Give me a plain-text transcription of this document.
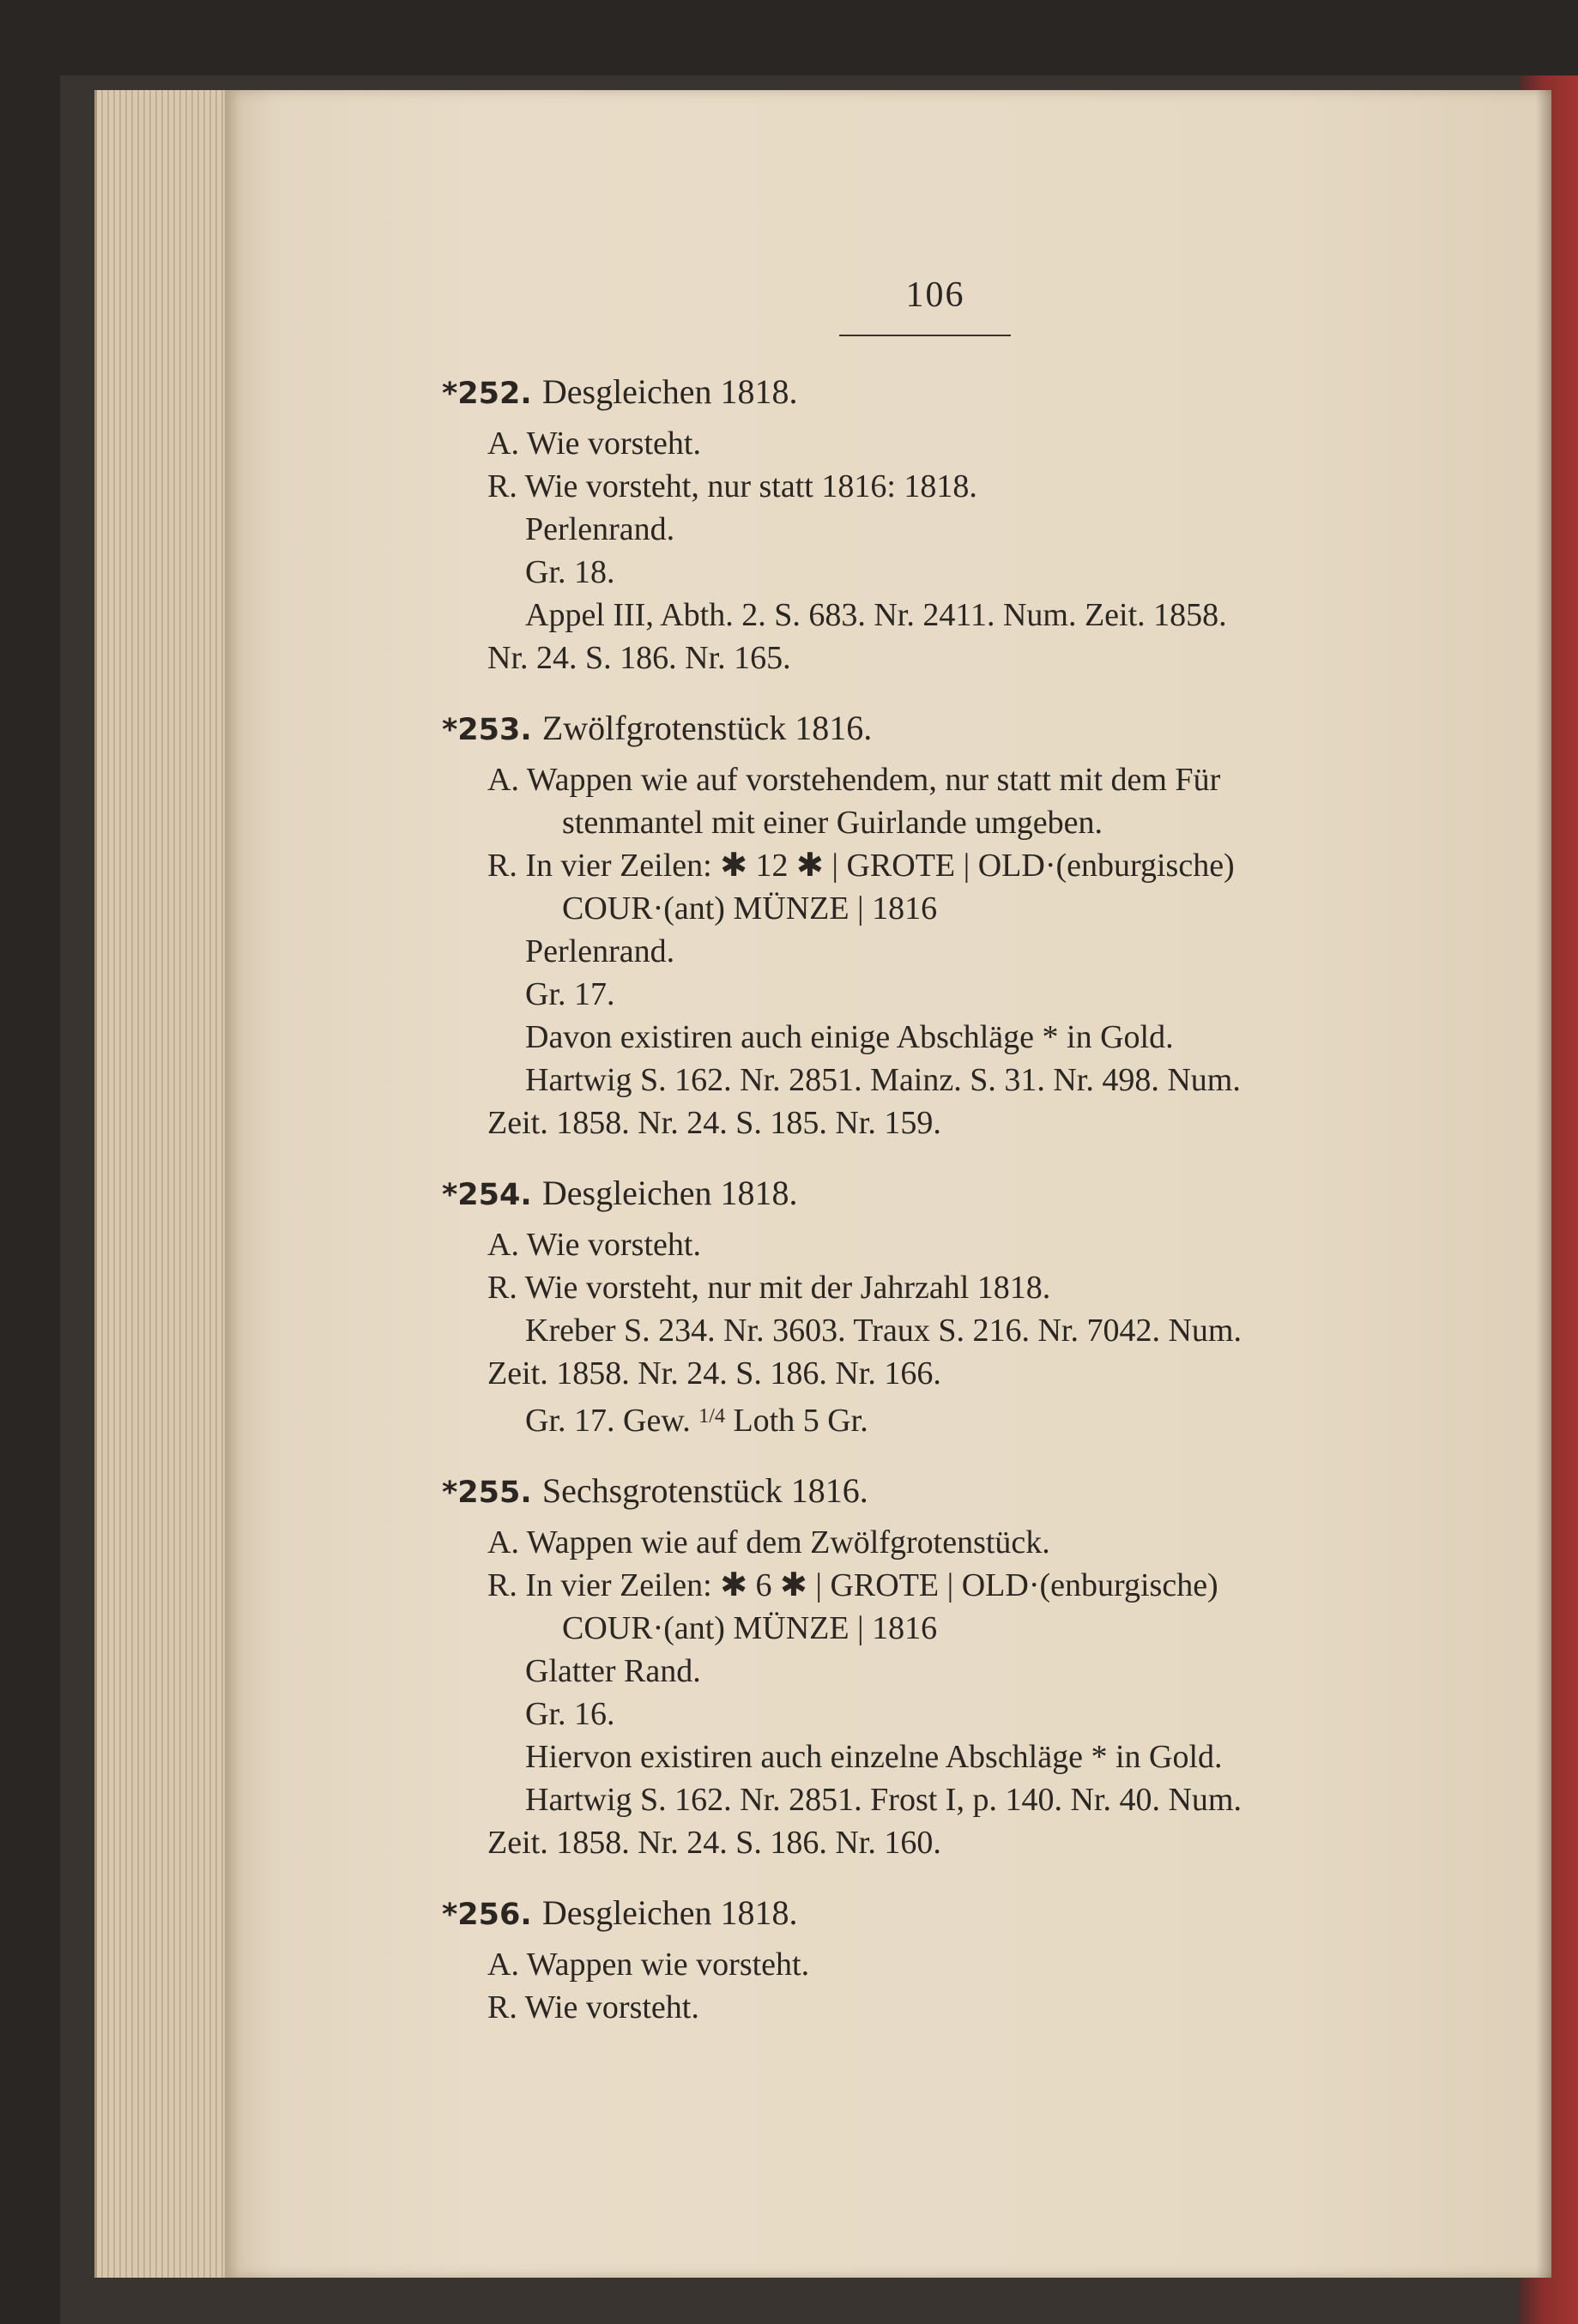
106
*252. Desgleichen 1818.
A. Wie vorsteht.
R. Wie vorsteht, nur statt 1816: 1818.
Perlenrand.
Gr. 18.
Appel III, Abth. 2. S. 683. Nr. 2411. Num. Zeit. 1858.
Nr. 24. S. 186. Nr. 165.
*253. Zwölfgrotenstück 1816.
A. Wappen wie auf vorstehendem, nur statt mit dem Für
stenmantel mit einer Guirlande umgeben.
R. In vier Zeilen: ✱ 12 ✱ | GROTE | OLD·(enburgische)
COUR·(ant) MÜNZE | 1816
Perlenrand.
Gr. 17.
Davon existiren auch einige Abschläge * in Gold.
Hartwig S. 162. Nr. 2851. Mainz. S. 31. Nr. 498. Num.
Zeit. 1858. Nr. 24. S. 185. Nr. 159.
*254. Desgleichen 1818.
A. Wie vorsteht.
R. Wie vorsteht, nur mit der Jahrzahl 1818.
Kreber S. 234. Nr. 3603. Traux S. 216. Nr. 7042. Num.
Zeit. 1858. Nr. 24. S. 186. Nr. 166.
Gr. 17. Gew. $^{1/4}$ Loth 5 Gr.
*255. Sechsgrotenstück 1816.
A. Wappen wie auf dem Zwölfgrotenstück.
R. In vier Zeilen: ✱ 6 ✱ | GROTE | OLD·(enburgische)
COUR·(ant) MÜNZE | 1816
Glatter Rand.
Gr. 16.
Hiervon existiren auch einzelne Abschläge * in Gold.
Hartwig S. 162. Nr. 2851. Frost I, p. 140. Nr. 40. Num.
Zeit. 1858. Nr. 24. S. 186. Nr. 160.
*256. Desgleichen 1818.
A. Wappen wie vorsteht.
R. Wie vorsteht.
